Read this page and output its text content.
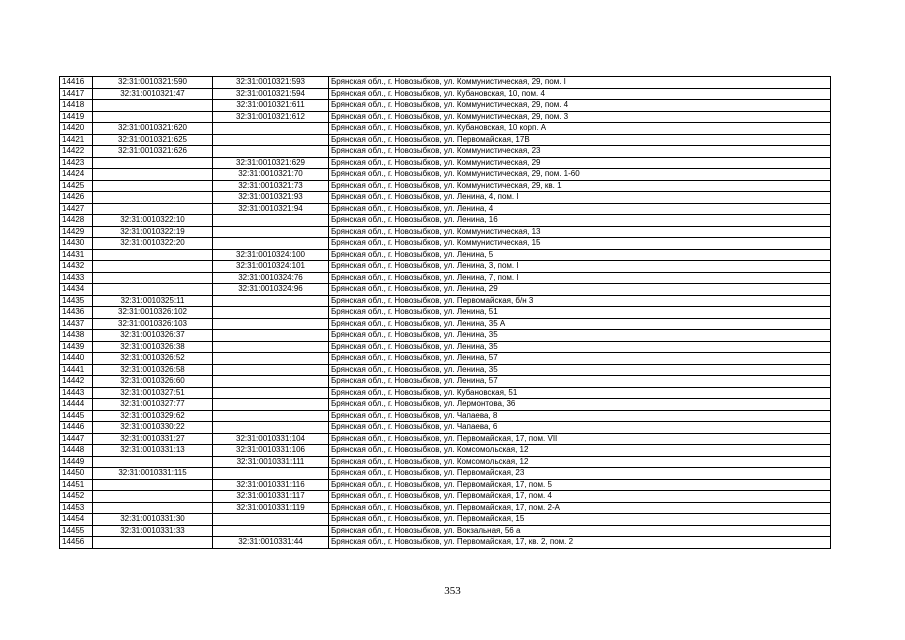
14416	32:31:0010321:590	32:31:0010321:593	Брянская обл., г. Новозыбков, ул. Коммунистическая, 29, пом. I
14417	32:31:0010321:47	32:31:0010321:594	Брянская обл., г. Новозыбков, ул. Кубановская, 10, пом. 4
14418		32:31:0010321:611	Брянская обл., г. Новозыбков, ул. Коммунистическая, 29, пом. 4
14419		32:31:0010321:612	Брянская обл., г. Новозыбков, ул. Коммунистическая, 29, пом. 3
14420	32:31:0010321:620		Брянская обл., г. Новозыбков, ул. Кубановская, 10 корп. А
14421	32:31:0010321:625		Брянская обл., г. Новозыбков, ул. Первомайская, 17В
14422	32:31:0010321:626		Брянская обл., г. Новозыбков, ул. Коммунистическая, 23
14423		32:31:0010321:629	Брянская обл., г. Новозыбков, ул. Коммунистическая, 29
14424		32:31:0010321:70	Брянская обл., г. Новозыбков, ул. Коммунистическая, 29, пом. 1-60
14425		32:31:0010321:73	Брянская обл., г. Новозыбков, ул. Коммунистическая, 29, кв. 1
14426		32:31:0010321:93	Брянская обл., г. Новозыбков, ул. Ленина, 4, пом. I
14427		32:31:0010321:94	Брянская обл., г. Новозыбков, ул. Ленина, 4
14428	32:31:0010322:10		Брянская обл., г. Новозыбков, ул. Ленина, 16
14429	32:31:0010322:19		Брянская обл., г. Новозыбков, ул. Коммунистическая, 13
14430	32:31:0010322:20		Брянская обл., г. Новозыбков, ул. Коммунистическая, 15
14431		32:31:0010324:100	Брянская обл., г. Новозыбков, ул. Ленина, 5
14432		32:31:0010324:101	Брянская обл., г. Новозыбков, ул. Ленина, 3, пом. I
14433		32:31:0010324:76	Брянская обл., г. Новозыбков, ул. Ленина, 7, пом. I
14434		32:31:0010324:96	Брянская обл., г. Новозыбков, ул. Ленина, 29
14435	32:31:0010325:11		Брянская обл., г. Новозыбков, ул. Первомайская, б/н 3
14436	32:31:0010326:102		Брянская обл., г. Новозыбков, ул. Ленина, 51
14437	32:31:0010326:103		Брянская обл., г. Новозыбков, ул. Ленина, 35 А
14438	32:31:0010326:37		Брянская обл., г. Новозыбков, ул. Ленина, 35
14439	32:31:0010326:38		Брянская обл., г. Новозыбков, ул. Ленина, 35
14440	32:31:0010326:52		Брянская обл., г. Новозыбков, ул. Ленина, 57
14441	32:31:0010326:58		Брянская обл., г. Новозыбков, ул. Ленина, 35
14442	32:31:0010326:60		Брянская обл., г. Новозыбков, ул. Ленина, 57
14443	32:31:0010327:51		Брянская обл., г. Новозыбков, ул. Кубановская, 51
14444	32:31:0010327:77		Брянская обл., г. Новозыбков, ул. Лермонтова, 36
14445	32:31:0010329:62		Брянская обл., г. Новозыбков, ул. Чапаева, 8
14446	32:31:0010330:22		Брянская обл., г. Новозыбков, ул. Чапаева, 6
14447	32:31:0010331:27	32:31:0010331:104	Брянская обл., г. Новозыбков, ул. Первомайская, 17, пом. VII
14448	32:31:0010331:13	32:31:0010331:106	Брянская обл., г. Новозыбков, ул. Комсомольская, 12
14449		32:31:0010331:111	Брянская обл., г. Новозыбков, ул. Комсомольская, 12
14450	32:31:0010331:115		Брянская обл., г. Новозыбков, ул. Первомайская, 23
14451		32:31:0010331:116	Брянская обл., г. Новозыбков, ул. Первомайская, 17, пом. 5
14452		32:31:0010331:117	Брянская обл., г. Новозыбков, ул. Первомайская, 17, пом. 4
14453		32:31:0010331:119	Брянская обл., г. Новозыбков, ул. Первомайская, 17, пом. 2-А
14454	32:31:0010331:30		Брянская обл., г. Новозыбков, ул. Первомайская, 15
14455	32:31:0010331:33		Брянская обл., г. Новозыбков, ул. Вокзальная, 56 а
14456		32:31:0010331:44	Брянская обл., г. Новозыбков, ул. Первомайская, 17, кв. 2, пом. 2
353
